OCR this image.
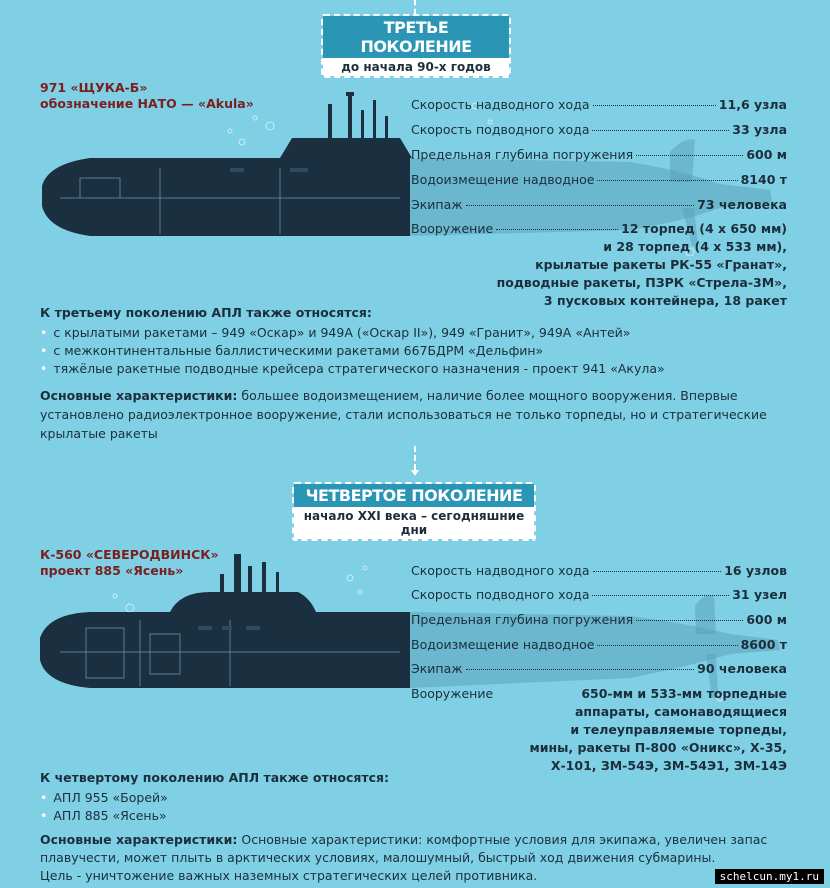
ТРЕТЬЕ ПОКОЛЕНИЕ
до начала 90-х годов
971 «ЩУКА-Б»
обозначение НАТО — «Akula»	Скорость надводного хода	11,6 узла
Скорость подводного хода	33 узла
Предельная глубина погружения	600 м
Водоизмещение надводное	8140 т
Экипаж	73 человека
Вооружение	12 торпед (4 х 650 мм)
и 28 торпед (4 х 533 мм),
крылатые ракеты РК-55 «Гранат»,
подводные ракеты, ПЗРК «Стрела-3М»,
3 пусковых контейнера, 18 ракет
К третьему поколению АПЛ также относятся:
• с крылатыми ракетами – 949 «Оскар» и 949А («Оскар II»), 949 «Гранит», 949А «Антей»
• с межконтинентальные баллистическими ракетами 667БДРМ «Дельфин»
• тяжёлые ракетные подводные крейсера стратегического назначения - проект 941 «Акула»
Основные характеристики: большее водоизмещением, наличие более мощного вооружения. Впервые установлено радиоэлектронное вооружение, стали использоваться не только торпеды, но и стратегические крылатые ракеты
ЧЕТВЕРТОЕ ПОКОЛЕНИЕ
начало XXI века – сегодняшние дни
К-560 «СЕВЕРОДВИНСК»
проект 885 «Ясень»	Скорость надводного хода	16 узлов
Скорость подводного хода	31 узел
Предельная глубина погружения	600 м
Водоизмещение надводное	8600 т
Экипаж	90 человека
Вооружение	650-мм и 533-мм торпедные
аппараты, самонаводящиеся
и телеуправляемые торпеды,
мины, ракеты П-800 «Оникс», Х-35,
Х-101, ЗМ-54Э, ЗМ-54Э1, ЗМ-14Э
К четвертому поколению АПЛ также относятся:
• АПЛ 955 «Борей»
• АПЛ 885 «Ясень»
Основные характеристики: Основные характеристики: комфортные условия для экипажа, увеличен запас плавучести, может плыть в арктических условиях, малошумный, быстрый ход движения субмарины.
Цель - уничтожение важных наземных стратегических целей противника.	schelcun.my1.ru
